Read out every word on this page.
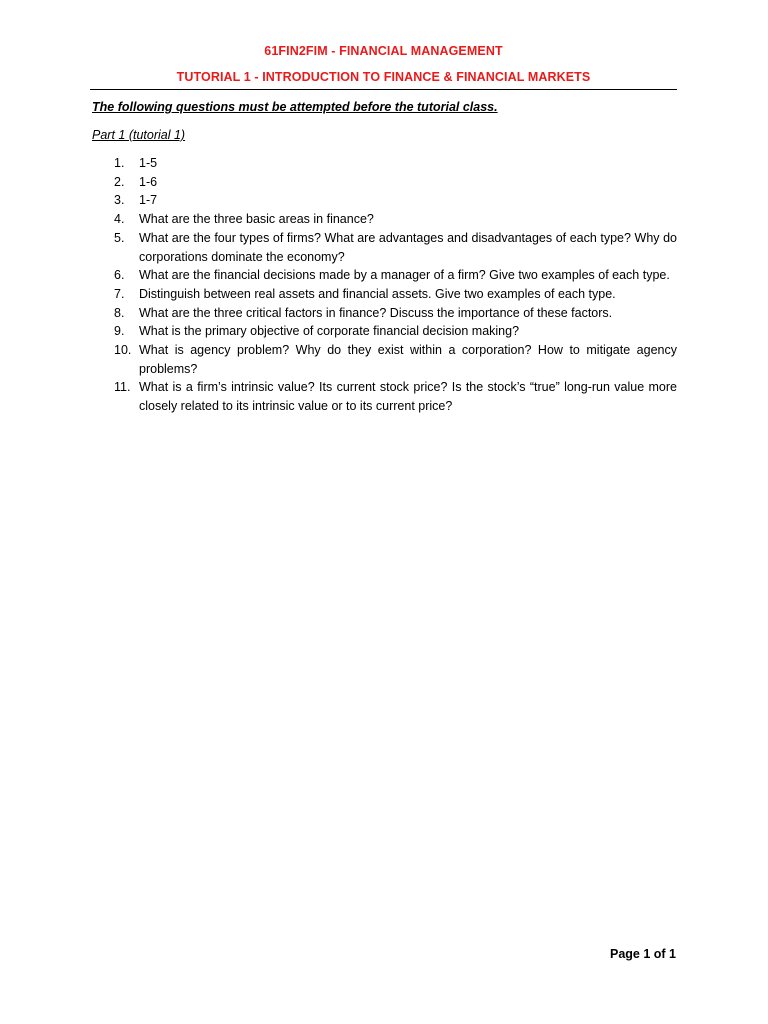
61FIN2FIM - FINANCIAL MANAGEMENT
TUTORIAL 1 - INTRODUCTION TO FINANCE & FINANCIAL MARKETS
The following questions must be attempted before the tutorial class.
Part 1 (tutorial 1)
1.	1-5
2.	1-6
3.	1-7
4.	What are the three basic areas in finance?
5.	What are the four types of firms? What are advantages and disadvantages of each type? Why do corporations dominate the economy?
6.	What are the financial decisions made by a manager of a firm? Give two examples of each type.
7.	Distinguish between real assets and financial assets. Give two examples of each type.
8.	What are the three critical factors in finance? Discuss the importance of these factors.
9.	What is the primary objective of corporate financial decision making?
10. What is agency problem? Why do they exist within a corporation? How to mitigate agency problems?
11. What is a firm’s intrinsic value? Its current stock price? Is the stock’s “true” long-run value more closely related to its intrinsic value or to its current price?
Page 1 of 1
